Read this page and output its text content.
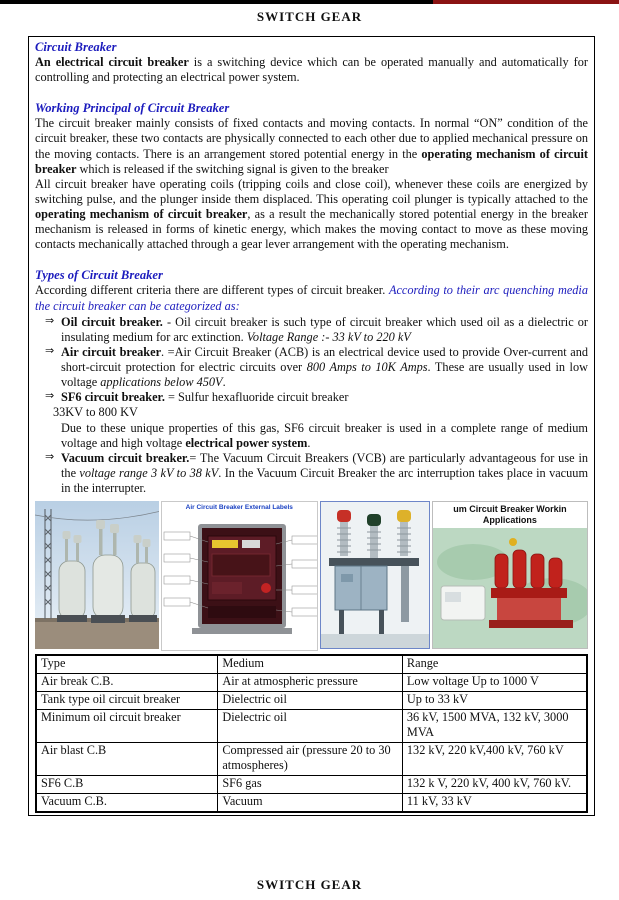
SWITCH GEAR
Circuit Breaker

An electrical circuit breaker is a switching device which can be operated manually and automatically for controlling and protecting an electrical power system.

Working Principal of Circuit Breaker

The circuit breaker mainly consists of fixed contacts and moving contacts. In normal “ON” condition of the circuit breaker, these two contacts are physically connected to each other due to applied mechanical pressure on the moving contacts. There is an arrangement stored potential energy in the operating mechanism of circuit breaker which is released if the switching signal is given to the breaker

All circuit breaker have operating coils (tripping coils and close coil), whenever these coils are energized by switching pulse, and the plunger inside them displaced. This operating coil plunger is typically attached to the operating mechanism of circuit breaker, as a result the mechanically stored potential energy in the breaker mechanism is released in forms of kinetic energy, which makes the moving contact to move as these moving contacts mechanically attached through a gear lever arrangement with the operating mechanism.

Types of Circuit Breaker

According different criteria there are different types of circuit breaker. According to their arc quenching media the circuit breaker can be categorized as:

⇒ Oil circuit breaker. - Oil circuit breaker is such type of circuit breaker which used oil as a dielectric or insulating medium for arc extinction. Voltage Range :- 33 kV to 220 kV
⇒ Air circuit breaker. =Air Circuit Breaker (ACB) is an electrical device used to provide Over-current and short-circuit protection for electric circuits over 800 Amps to 10K Amps. These are usually used in low voltage applications below 450V.
⇒ SF6 circuit breaker. = Sulfur hexafluoride circuit breaker
33KV to 800 KV
Due to these unique properties of this gas, SF6 circuit breaker is used in a complete range of medium voltage and high voltage electrical power system.
⇒ Vacuum circuit breaker.= The Vacuum Circuit Breakers (VCB) are particularly advantageous for use in the voltage range 3 kV to 38 kV. In the Vacuum Circuit Breaker the arc interruption takes place in vacuum in the interrupter.
Air Circuit Breaker External Labels	um Circuit Breaker Workin
Applications
Type	Medium	Range
Air break C.B.	Air at atmospheric pressure	Low voltage Up to 1000 V
Tank type oil circuit breaker	Dielectric oil	Up to 33 kV
Minimum oil circuit breaker	Dielectric oil	36 kV, 1500 MVA, 132 kV, 3000 MVA
Air blast C.B	Compressed air (pressure 20 to 30 atmospheres)	132 kV, 220 kV,400 kV, 760 kV
SF6 C.B	SF6 gas	132 k V, 220 kV, 400 kV, 760 kV.
Vacuum C.B.	Vacuum	11 kV, 33 kV
SWITCH GEAR
